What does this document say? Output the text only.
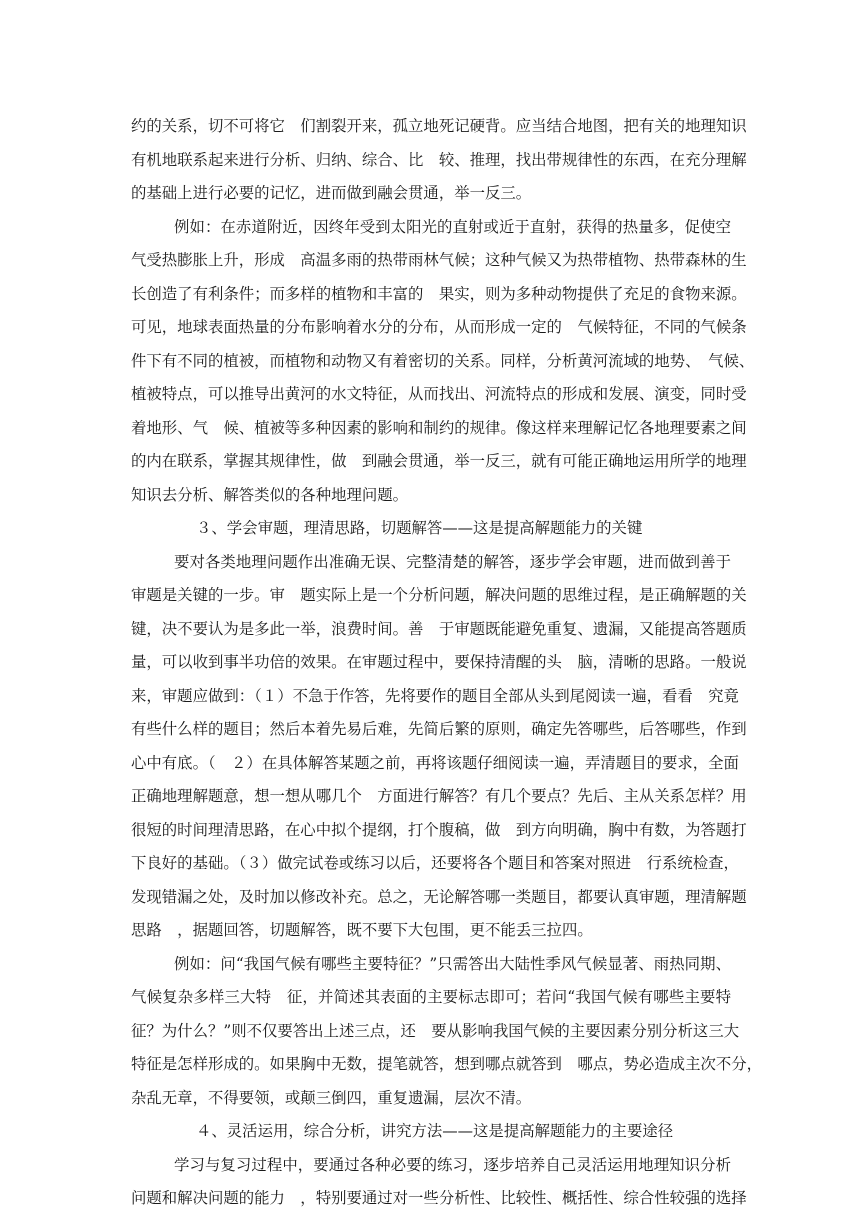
约的关系，切不可将它　们割裂开来，孤立地死记硬背。应当结合地图，把有关的地理知识
有机地联系起来进行分析、归纳、综合、比　较、推理，找出带规律性的东西，在充分理解
的基础上进行必要的记忆，进而做到融会贯通，举一反三。
例如：在赤道附近，因终年受到太阳光的直射或近于直射，获得的热量多，促使空
气受热膨胀上升，形成　高温多雨的热带雨林气候；这种气候又为热带植物、热带森林的生
长创造了有利条件；而多样的植物和丰富的　果实，则为多种动物提供了充足的食物来源。
可见，地球表面热量的分布影响着水分的分布，从而形成一定的　气候特征，不同的气候条
件下有不同的植被，而植物和动物又有着密切的关系。同样，分析黄河流域的地势、　气候、
植被特点，可以推导出黄河的水文特征，从而找出、河流特点的形成和发展、演变，同时受
着地形、气　候、植被等多种因素的影响和制约的规律。像这样来理解记忆各地理要素之间
的内在联系，掌握其规律性，做　到融会贯通，举一反三，就有可能正确地运用所学的地理
知识去分析、解答类似的各种地理问题。
３、学会审题，理清思路，切题解答——这是提高解题能力的关键
要对各类地理问题作出准确无误、完整清楚的解答，逐步学会审题，进而做到善于
审题是关键的一步。审　题实际上是一个分析问题，解决问题的思维过程，是正确解题的关
键，决不要认为是多此一举，浪费时间。善　于审题既能避免重复、遗漏，又能提高答题质
量，可以收到事半功倍的效果。在审题过程中，要保持清醒的头　脑，清晰的思路。一般说
来，审题应做到：（１）不急于作答，先将要作的题目全部从头到尾阅读一遍，看看　究竟
有些什么样的题目；然后本着先易后难，先简后繁的原则，确定先答哪些，后答哪些，作到
心中有底。（　２）在具体解答某题之前，再将该题仔细阅读一遍，弄清题目的要求，全面
正确地理解题意，想一想从哪几个　方面进行解答？有几个要点？先后、主从关系怎样？用
很短的时间理清思路，在心中拟个提纲，打个腹稿，做　到方向明确，胸中有数，为答题打
下良好的基础。（３）做完试卷或练习以后，还要将各个题目和答案对照进　行系统检查，
发现错漏之处，及时加以修改补充。总之，无论解答哪一类题目，都要认真审题，理清解题
思路　，据题回答，切题解答，既不要下大包围，更不能丢三拉四。
例如：问“我国气候有哪些主要特征？”只需答出大陆性季风气候显著、雨热同期、
气候复杂多样三大特　征，并简述其表面的主要标志即可；若问“我国气候有哪些主要特
征？为什么？”则不仅要答出上述三点，还　要从影响我国气候的主要因素分别分析这三大
特征是怎样形成的。如果胸中无数，提笔就答，想到哪点就答到　哪点，势必造成主次不分，
杂乱无章，不得要领，或颠三倒四，重复遗漏，层次不清。
４、灵活运用，综合分析，讲究方法——这是提高解题能力的主要途径
学习与复习过程中，要通过各种必要的练习，逐步培养自己灵活运用地理知识分析
问题和解决问题的能力　，特别要通过对一些分析性、比较性、概括性、综合性较强的选择
